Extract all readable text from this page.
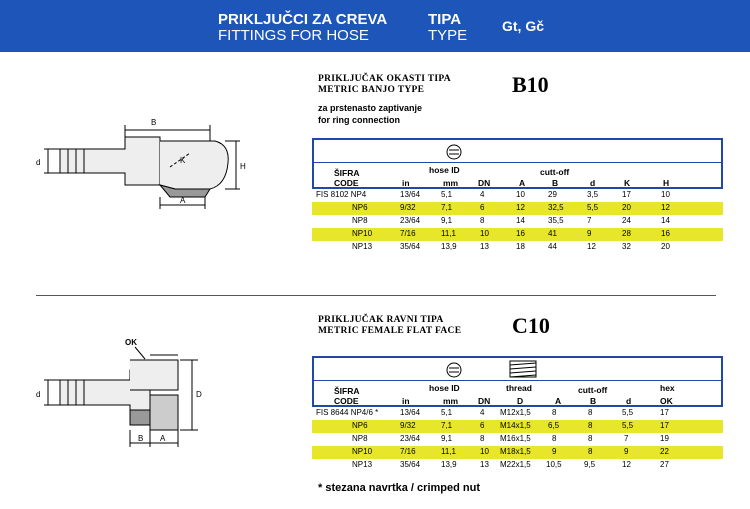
PRIKLJUČCI ZA CREVA
FITTINGS FOR HOSE
TIPA
TYPE
Gt, Gč
B
A
H
K
d
PRIKLJUČAK OKASTI TIPA
METRIC BANJO TYPE	B10
za prstenasto zaptivanje
for ring connection
ŠIFRA
CODE
hose ID
in	mm DN
cutt-off
A	B	d	K	H
FIS 8102 NP4	13/64	5,1	4	10	29	3,5	17	10
NP6	9/32	7,1	6	12	32,5	5,5	20	12
NP8	23/64	9,1	8	14	35,5	7	24	14
NP10	7/16	11,1	10	16	41	9	28	16
NP13	35/64	13,9	13	18	44	12	32	20
OK
B A
D
d
PRIKLJUČAK RAVNI TIPA
METRIC FEMALE FLAT FACE C10
ŠIFRA
CODE
hose ID
in	mm DN
thread
D
cutt-off
A	B	d
hex
OK
FIS 8644 NP4/6 *	13/64	5,1	4 M12x1,5	8	8	5,5	17
NP6	9/32	7,1	6 M14x1,5 6,5	8	5,5	17
NP8	23/64	9,1	8 M16x1,5	8	8	7	19
NP10	7/16	11,1	10 M18x1,5	9	8	9	22
NP13	35/64	13,9	13 M22x1,5 10,5	9,5	12	27
* stezana navrtka / crimped nut
